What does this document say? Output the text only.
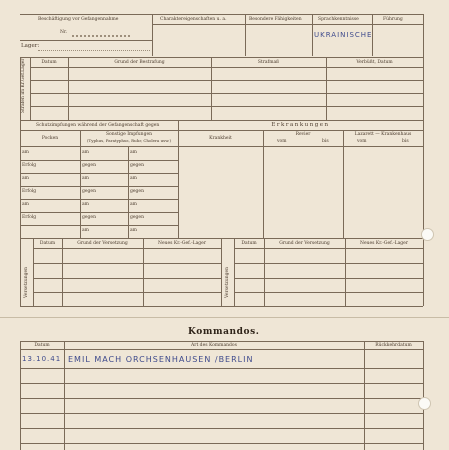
Beschäftigung vor Gefangennahme	Charaktereigenschaften u. a.	Besondere Fähigkeiten	Sprachkenntnisse	Führung
Nr.
Lager:
UKRAINISCHE
Datum	Grund der Bestrafung	Strafmaß	Verbüßt, Datum
Strafen im Kr.Gef.Lager
Schutzimpfungen während der Gefangenschaft gegen	Erkrankungen
Pocken
Sonstige Impfungen
(Typhus, Paratyphus, Ruhr, Cholera usw.)	Krankheit
Revier
vom	bis
Lazarett — Krankenhaus
vom	bis
am	am	am
Erfolg	gegen	gegen
am	am	am
Erfolg	gegen	gegen
am	am	am
Erfolg	gegen	gegen
am	am
Datum	Grund der Versetzung	Neues Kr.-Gef.-Lager	Datum	Grund der Versetzung	Neues Kr.-Gef.-Lager
Versetzungen	Versetzungen
Kommandos.
Datum	Art des Kommandos	Rückkehrdatum
13.10.41 EMIL MACH ORCHSENHAUSEN /BERLIN
